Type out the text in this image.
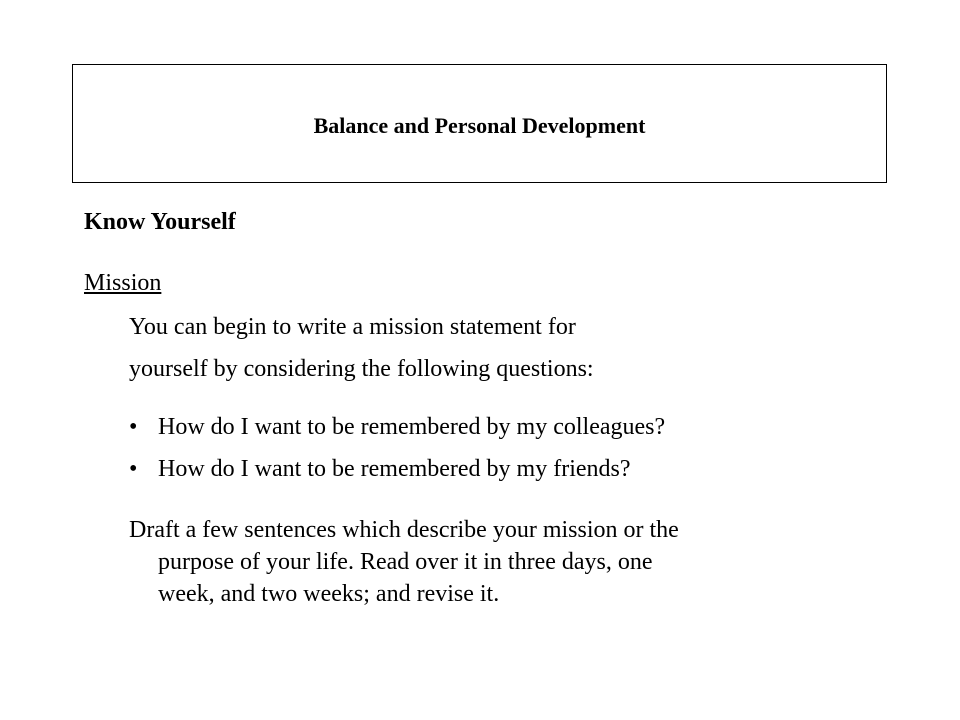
Balance and Personal Development
Know Yourself
Mission
You can begin to write a mission statement for
yourself by considering the following questions:
• How do I want to be remembered by my colleagues?
• How do I want to be remembered by my friends?
Draft a few sentences which describe your mission or the
purpose of your life. Read over it in three days, one
week, and two weeks; and revise it.
